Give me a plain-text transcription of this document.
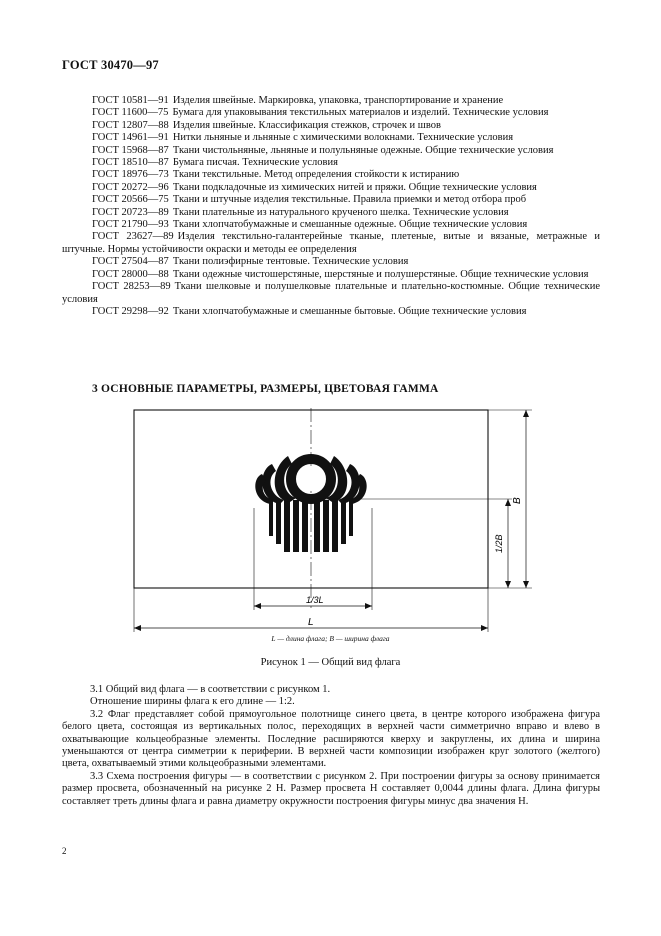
ГОСТ 30470—97
ГОСТ 10581—91 Изделия швейные. Маркировка, упаковка, транспортирование и хранение
ГОСТ 11600—75 Бумага для упаковывания текстильных материалов и изделий. Технические условия
ГОСТ 12807—88 Изделия швейные. Классификация стежков, строчек и швов
ГОСТ 14961—91 Нитки льняные и льняные с химическими волокнами. Технические условия
ГОСТ 15968—87 Ткани чистольняные, льняные и полульняные одежные. Общие технические условия
ГОСТ 18510—87 Бумага писчая. Технические условия
ГОСТ 18976—73 Ткани текстильные. Метод определения стойкости к истиранию
ГОСТ 20272—96 Ткани подкладочные из химических нитей и пряжи. Общие технические условия
ГОСТ 20566—75 Ткани и штучные изделия текстильные. Правила приемки и метод отбора проб
ГОСТ 20723—89 Ткани плательные из натурального крученого шелка. Технические условия
ГОСТ 21790—93 Ткани хлопчатобумажные и смешанные одежные. Общие технические условия
ГОСТ 23627—89 Изделия текстильно-галантерейные тканые, плетеные, витые и вязаные, метражные и штучные. Нормы устойчивости окраски и методы ее определения
ГОСТ 27504—87 Ткани полиэфирные тентовые. Технические условия
ГОСТ 28000—88 Ткани одежные чистошерстяные, шерстяные и полушерстяные. Общие технические условия
ГОСТ 28253—89 Ткани шелковые и полушелковые плательные и плательно-костюмные. Общие технические условия
ГОСТ 29298—92 Ткани хлопчатобумажные и смешанные бытовые. Общие технические условия
3 ОСНОВНЫЕ ПАРАМЕТРЫ, РАЗМЕРЫ, ЦВЕТОВАЯ ГАММА
B
1/2B
1/3L
L
L — длина флага; B — ширина флага
Рисунок 1 — Общий вид флага

3.1 Общий вид флага — в соответствии с рисунком 1.

Отношение ширины флага к его длине — 1:2.

3.2 Флаг представляет собой прямоугольное полотнище синего цвета, в центре которого изображена фигура белого цвета, состоящая из вертикальных полос, переходящих в верхней части симметрично вправо и влево в охватывающие кольцеобразные элементы. Последние расширяются кверху и закруглены, их длина и ширина уменьшаются от центра симметрии к периферии. В верхней части композиции изображен круг золотого (желтого) цвета, охватываемый этими кольцеобразными элементами.

3.3 Схема построения фигуры — в соответствии с рисунком 2. При построении фигуры за основу принимается размер просвета, обозначенный на рисунке 2 Н. Размер просвета Н составляет 0,0044 длины флага. Длина фигуры составляет треть длины флага и равна диаметру окружности построения фигуры минус два значения Н.

2
